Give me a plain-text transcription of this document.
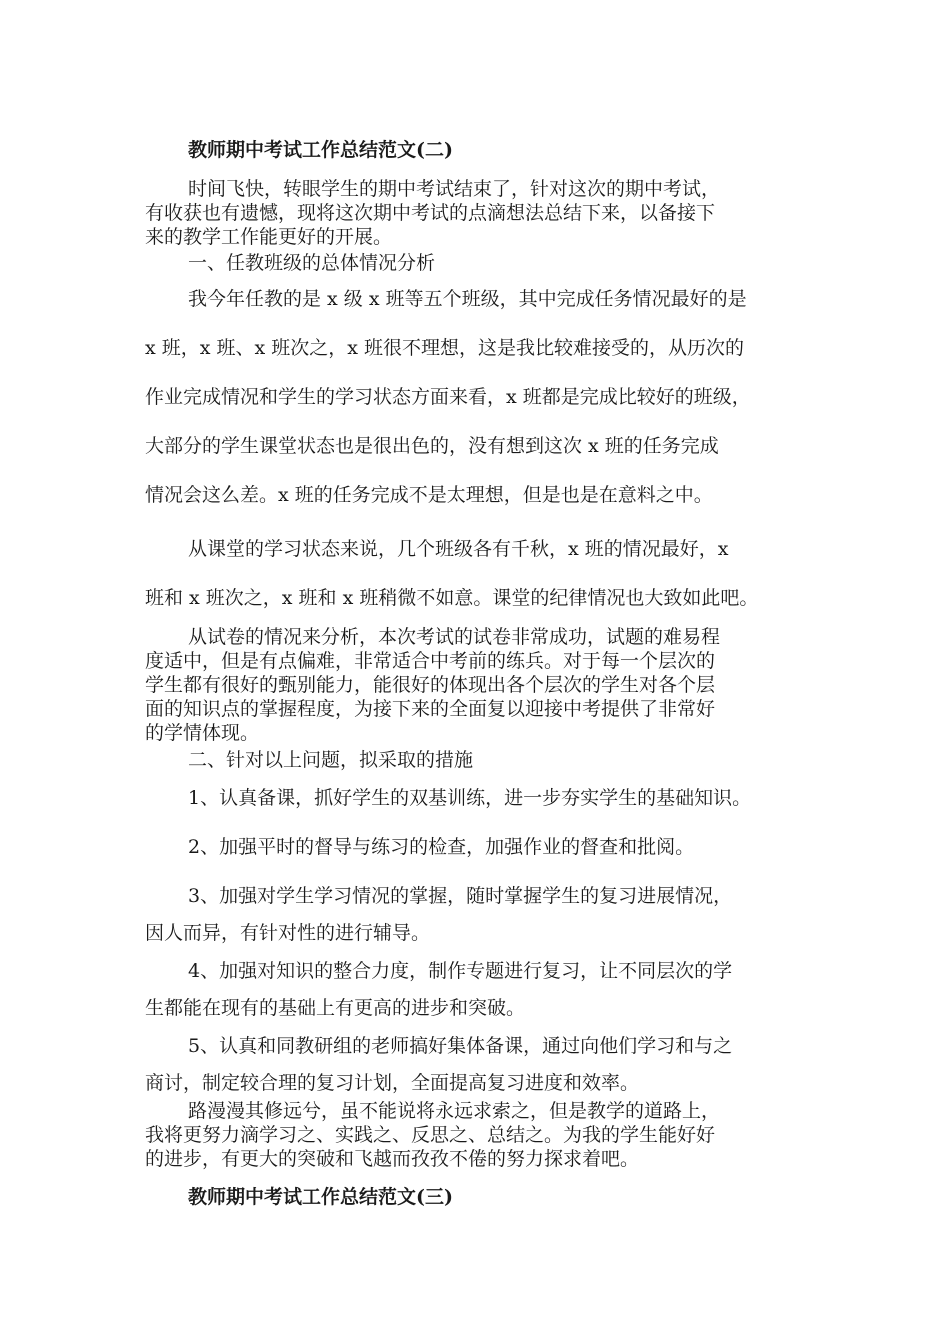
教师期中考试工作总结范文(二)
时间飞快，转眼学生的期中考试结束了，针对这次的期中考试，
有收获也有遗憾，现将这次期中考试的点滴想法总结下来，以备接下
来的教学工作能更好的开展。
一、任教班级的总体情况分析
我今年任教的是 x 级 x 班等五个班级，其中完成任务情况最好的是
x 班，x 班、x 班次之，x 班很不理想，这是我比较难接受的，从历次的
作业完成情况和学生的学习状态方面来看，x 班都是完成比较好的班级，
大部分的学生课堂状态也是很出色的，没有想到这次 x 班的任务完成
情况会这么差。x 班的任务完成不是太理想，但是也是在意料之中。
从课堂的学习状态来说，几个班级各有千秋，x 班的情况最好，x
班和 x 班次之，x 班和 x 班稍微不如意。课堂的纪律情况也大致如此吧。
从试卷的情况来分析，本次考试的试卷非常成功，试题的难易程
度适中，但是有点偏难，非常适合中考前的练兵。对于每一个层次的
学生都有很好的甄别能力，能很好的体现出各个层次的学生对各个层
面的知识点的掌握程度，为接下来的全面复以迎接中考提供了非常好
的学情体现。
二、针对以上问题，拟采取的措施
1、认真备课，抓好学生的双基训练，进一步夯实学生的基础知识。
2、加强平时的督导与练习的检查，加强作业的督查和批阅。
3、加强对学生学习情况的掌握，随时掌握学生的复习进展情况，
因人而异，有针对性的进行辅导。
4、加强对知识的整合力度，制作专题进行复习，让不同层次的学
生都能在现有的基础上有更高的进步和突破。
5、认真和同教研组的老师搞好集体备课，通过向他们学习和与之
商讨，制定较合理的复习计划，全面提高复习进度和效率。
路漫漫其修远兮，虽不能说将永远求索之，但是教学的道路上，
我将更努力滴学习之、实践之、反思之、总结之。为我的学生能好好
的进步，有更大的突破和飞越而孜孜不倦的努力探求着吧。
教师期中考试工作总结范文(三)
